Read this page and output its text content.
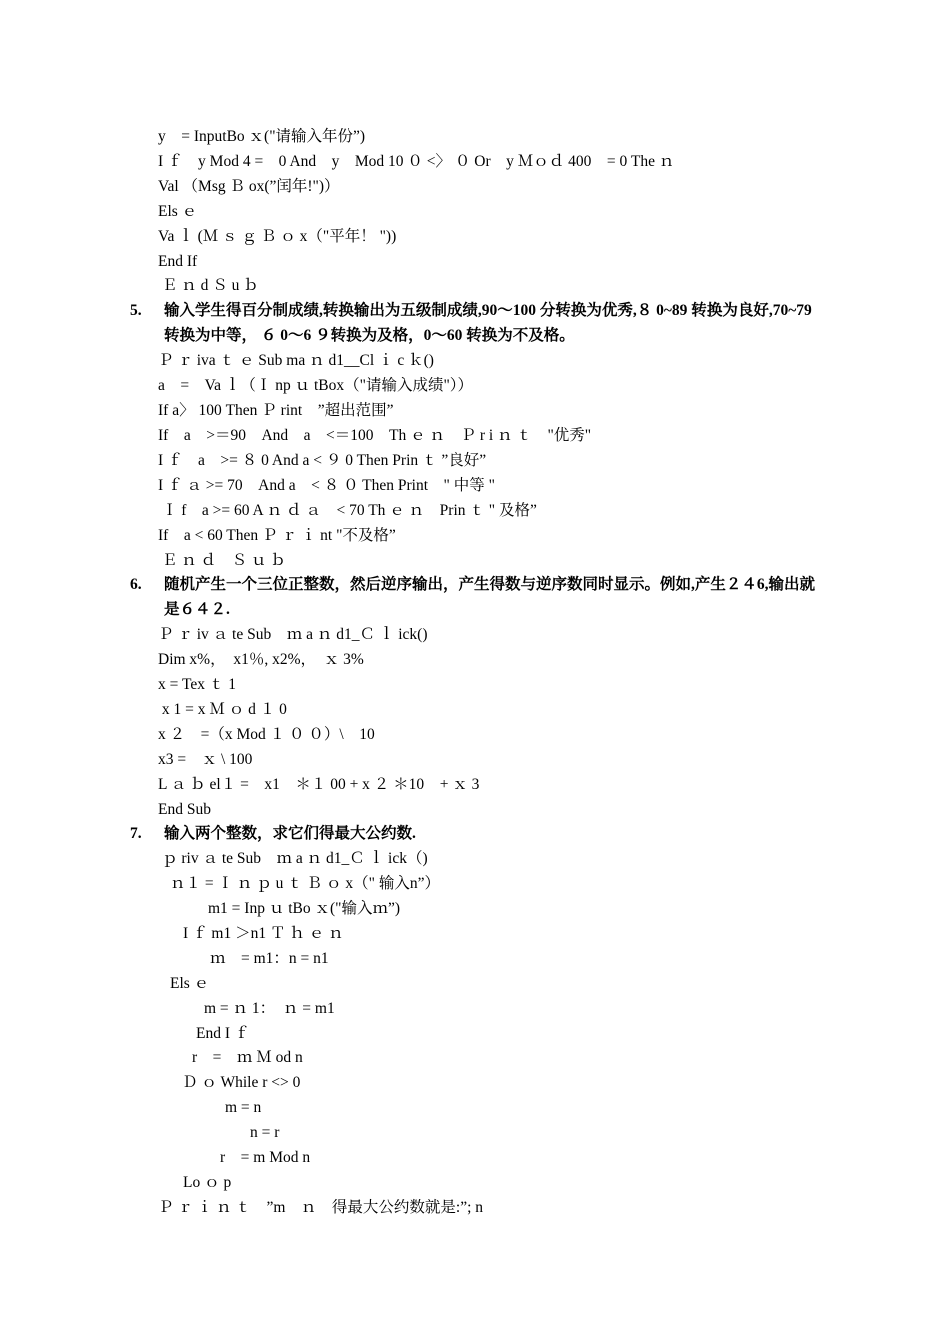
y　= InputBo ｘ("请输入年份”)
I ｆ　y Mod 4 =　0 And　y　Mod 10 ０ <〉 ０ Or　y Ｍｏｄ 400　= 0 The ｎ
Val （Msg Ｂ ox(”闰年!")）
Els ｅ
Va ｌ (Ｍ ｓ ｇ Ｂ ｏ x（"平年！ "))
End If
Ｅ ｎ d Ｓ u ｂ
5.	输入学生得百分制成绩,转换输出为五级制成绩,90～100 分转换为优秀,８ 0~89 转换为良好,70~79 转换为中等， ６ 0～6 ９转换为及格，0～60 转换为不及格。
Ｐ ｒ iva ｔ ｅ Sub ma ｎ d1__Cl ｉ c ｋ()
a　=　Va ｌ（Ｉ np ｕ tBox（"请输入成绩"））
If a〉 100 Then Ｐ rint　”超出范围”
If　a　>＝90　And　a　<＝100　Th ｅ ｎ　Ｐ r i ｎ ｔ　"优秀"
I ｆ　a　>= ８ 0 And a < ９ 0 Then Prin ｔ ”良好”
I ｆ ａ >= 70　And a　< ８ ０ Then Print　" 中等 "
Ｉ f　a >= 60 A ｎ ｄ ａ　< 70 Th ｅ ｎ　Prin ｔ " 及格”
If　a < 60 Then Ｐ ｒ ｉ nt "不及格”
Ｅ ｎ ｄ　Ｓ ｕ ｂ
6.	随机产生一个三位正整数，然后逆序输出，产生得数与逆序数同时显示。例如,产生２４6,输出就是６４２.
Ｐ ｒ iv ａ te Sub　ｍ a ｎ d1_Ｃ ｌ ick()
Dim x%，　x1％, x2%，　ｘ 3%
x = Tex ｔ 1
x 1 = x Ｍ ｏ d １ 0
x ２　=（x Mod １ ０ ０）\　10
x3 =　ｘ \ 100
L ａ ｂ el１ =　x1　＊１ 00 + x ２ ＊10　+ ｘ 3
End Sub
7.	输入两个整数，求它们得最大公约数.
ｐ riv ａ te Sub　ｍ a ｎ d1_Ｃ ｌ ick（)
ｎ１ = Ｉ ｎ ｐ u ｔ Ｂ ｏ x（" 输入n”）
m1 = Inp ｕ tBo ｘ("输入ｍ”)
I ｆ m1 ＞n1 Ｔ ｈ ｅ ｎ
ｍ　= m1：n = n1
Els ｅ
m = ｎ 1：　ｎ = m1
End I ｆ
r　=　ｍ Ｍ od n
Ｄ ｏ While r <> 0
m = n
n = r
r　= m Mod n
Lo ｏ p
Ｐ ｒ ｉ ｎ ｔ　”m　ｎ　得最大公约数就是:”; n
